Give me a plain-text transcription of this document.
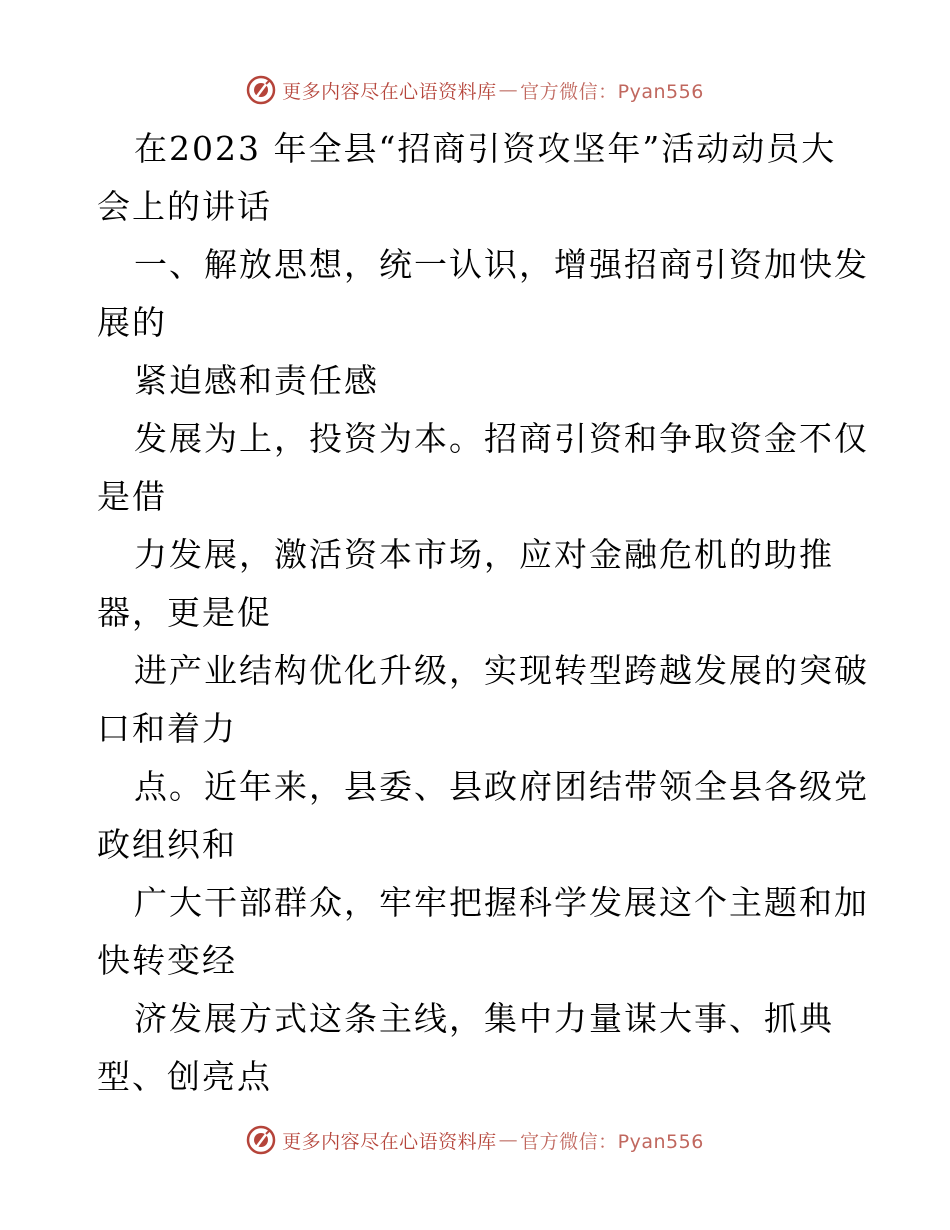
更多内容尽在心语资料库 — 官方微信：Pyan556
在2023 年全县“招商引资攻坚年”活动动员大
会上的讲话
一、解放思想，统一认识，增强招商引资加快发
展的
紧迫感和责任感
发展为上，投资为本。招商引资和争取资金不仅
是借
力发展，激活资本市场，应对金融危机的助推
器，更是促
进产业结构优化升级，实现转型跨越发展的突破
口和着力
点。近年来，县委、县政府团结带领全县各级党
政组织和
广大干部群众，牢牢把握科学发展这个主题和加
快转变经
济发展方式这条主线，集中力量谋大事、抓典
型、创亮点
更多内容尽在心语资料库 — 官方微信：Pyan556
